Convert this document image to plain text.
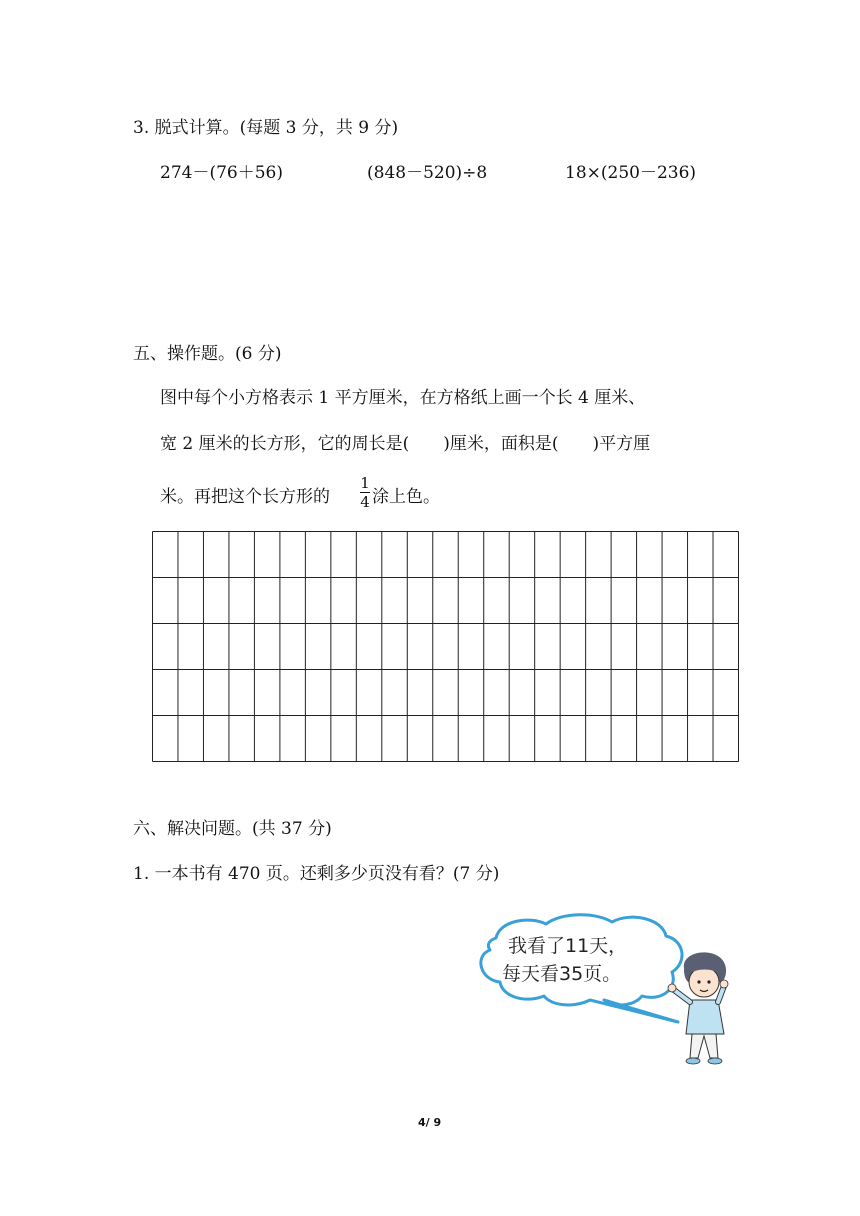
3. 脱式计算。(每题 3 分，共 9 分)
274－(76＋56)	(848－520)÷8	18×(250－236)
五、操作题。(6 分)
图中每个小方格表示 1 平方厘米，在方格纸上画一个长 4 厘米、
宽 2 厘米的长方形，它的周长是(　　)厘米，面积是(　　)平方厘
米。再把这个长方形的
1
4 涂上色。
六、解决问题。(共 37 分)
1. 一本书有 470 页。还剩多少页没有看？(7 分)
我看了11天，
每天看35页。
4/ 9
